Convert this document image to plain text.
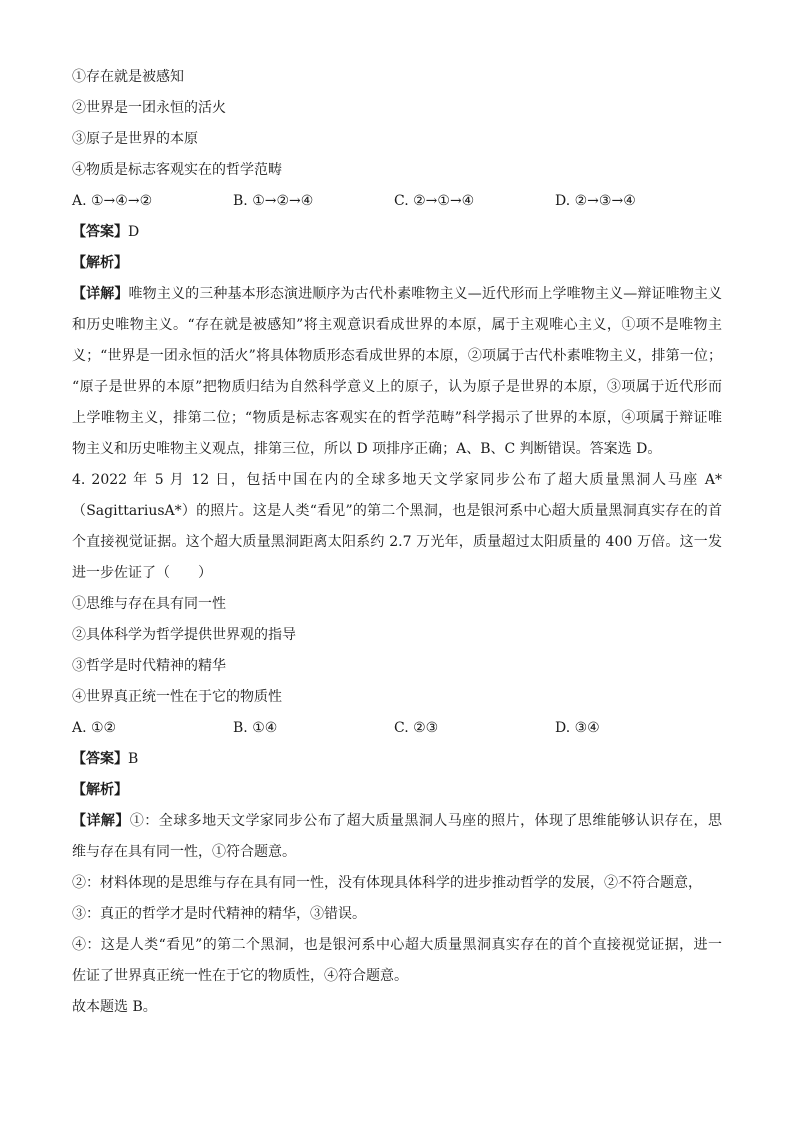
①存在就是被感知
②世界是一团永恒的活火
③原子是世界的本原
④物质是标志客观实在的哲学范畴
A. ①→④→②	B. ①→②→④	C. ②→①→④	D. ②→③→④
【答案】D
【解析】
【详解】唯物主义的三种基本形态演进顺序为古代朴素唯物主义—近代形而上学唯物主义—辩证唯物主义
和历史唯物主义。“存在就是被感知”将主观意识看成世界的本原，属于主观唯心主义，①项不是唯物主
义；“世界是一团永恒的活火”将具体物质形态看成世界的本原，②项属于古代朴素唯物主义，排第一位；
“原子是世界的本原”把物质归结为自然科学意义上的原子，认为原子是世界的本原，③项属于近代形而
上学唯物主义，排第二位；“物质是标志客观实在的哲学范畴”科学揭示了世界的本原，④项属于辩证唯
物主义和历史唯物主义观点，排第三位，所以 D 项排序正确；A、B、C 判断错误。答案选 D。
4. 2022 年 5 月 12 日，包括中国在内的全球多地天文学家同步公布了超大质量黑洞人马座 A*
（SagittariusA*）的照片。这是人类“看见”的第二个黑洞，也是银河系中心超大质量黑洞真实存在的首
个直接视觉证据。这个超大质量黑洞距离太阳系约 2.7 万光年，质量超过太阳质量的 400 万倍。这一发
进一步佐证了（　　）
①思维与存在具有同一性
②具体科学为哲学提供世界观的指导
③哲学是时代精神的精华
④世界真正统一性在于它的物质性
A. ①②	B. ①④	C. ②③	D. ③④
【答案】B
【解析】
【详解】①：全球多地天文学家同步公布了超大质量黑洞人马座的照片，体现了思维能够认识存在，思
维与存在具有同一性，①符合题意。
②：材料体现的是思维与存在具有同一性，没有体现具体科学的进步推动哲学的发展，②不符合题意，
③：真正的哲学才是时代精神的精华，③错误。
④：这是人类“看见”的第二个黑洞，也是银河系中心超大质量黑洞真实存在的首个直接视觉证据，进一
佐证了世界真正统一性在于它的物质性，④符合题意。
故本题选 B。
